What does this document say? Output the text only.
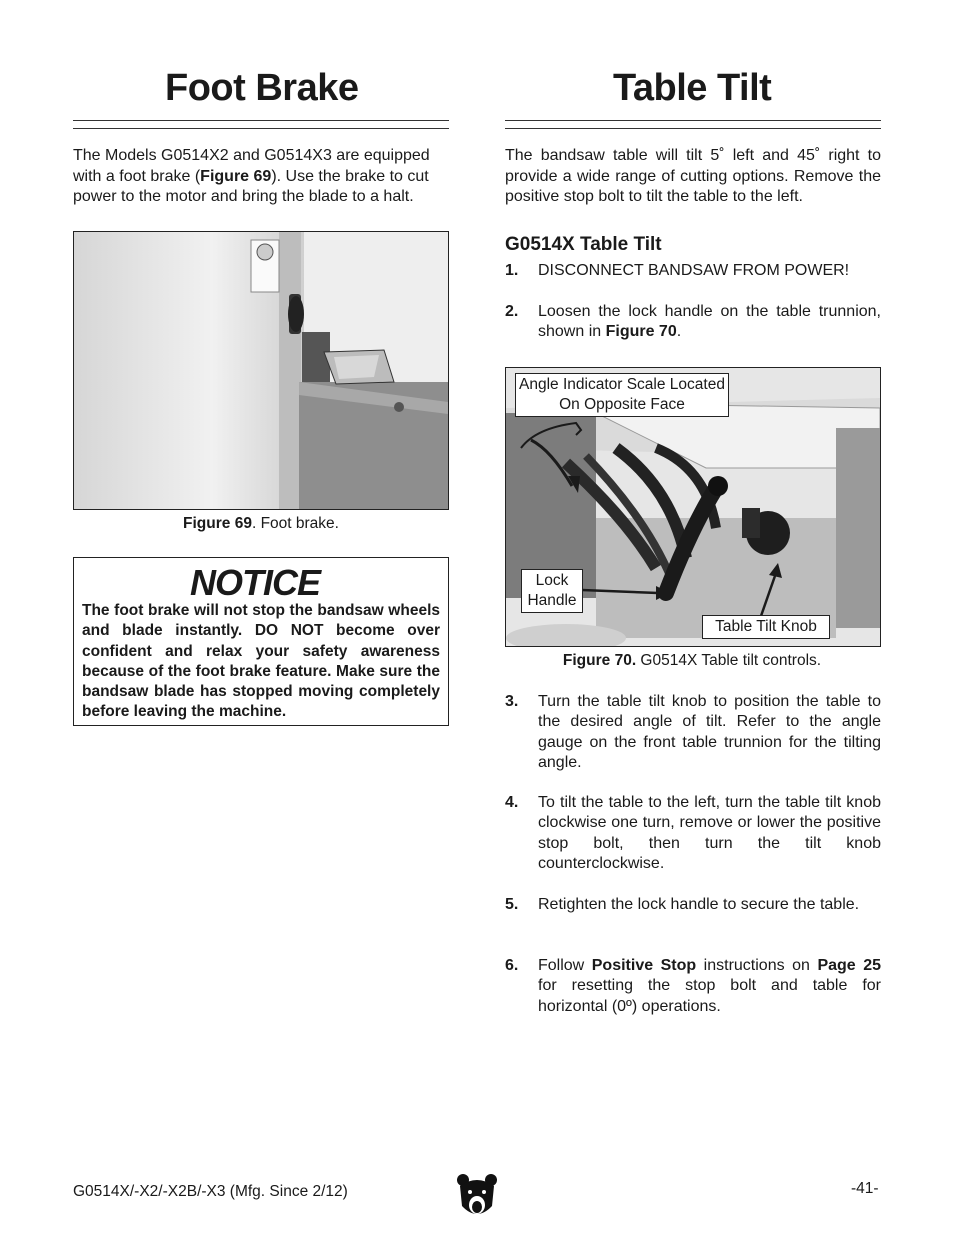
Foot Brake
The Models G0514X2 and G0514X3 are equipped with a foot brake (Figure 69). Use the brake to cut power to the motor and bring the blade to a halt.
Figure 69. Foot brake.
NOTICE
The foot brake will not stop the bandsaw wheels and blade instantly. DO NOT become over confident and relax your safety awareness because of the foot brake feature. Make sure the bandsaw blade has stopped moving completely before leaving the machine.
Table Tilt
The bandsaw table will tilt 5˚ left and 45˚ right to provide a wide range of cutting options. Remove the positive stop bolt to tilt the table to the left.
G0514X Table Tilt
1. DISCONNECT BANDSAW FROM POWER!
2. Loosen the lock handle on the table trunnion, shown in Figure 70.
Angle Indicator Scale Located On Opposite Face
Lock Handle
Table Tilt Knob
Figure 70. G0514X Table tilt controls.
3. Turn the table tilt knob to position the table to the desired angle of tilt. Refer to the angle gauge on the front table trunnion for the tilting angle.
4. To tilt the table to the left, turn the table tilt knob clockwise one turn, remove or lower the positive stop bolt, then turn the tilt knob counterclockwise.
5. Retighten the lock handle to secure the table.
6. Follow Positive Stop instructions on Page 25 for resetting the stop bolt and table for horizontal (0º) operations.
G0514X/-X2/-X2B/-X3 (Mfg. Since 2/12)	-41-
